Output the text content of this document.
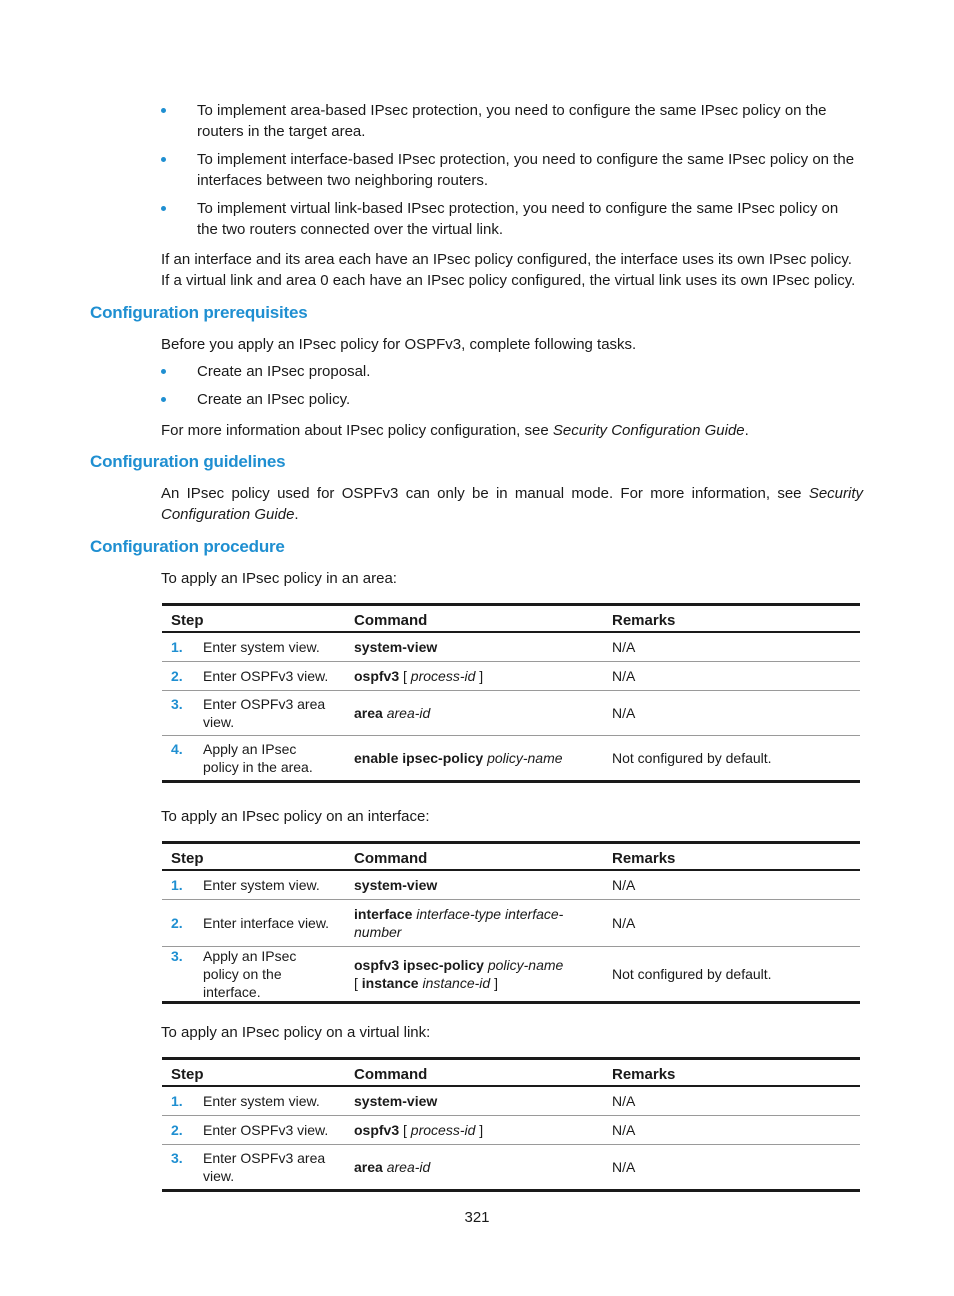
To implement area-based IPsec protection, you need to configure the same IPsec policy on the routers in the target area.
To implement interface-based IPsec protection, you need to configure the same IPsec policy on the interfaces between two neighboring routers.
To implement virtual link-based IPsec protection, you need to configure the same IPsec policy on the two routers connected over the virtual link.
If an interface and its area each have an IPsec policy configured, the interface uses its own IPsec policy. If a virtual link and area 0 each have an IPsec policy configured, the virtual link uses its own IPsec policy.
Configuration prerequisites
Before you apply an IPsec policy for OSPFv3, complete following tasks.
Create an IPsec proposal.
Create an IPsec policy.
For more information about IPsec policy configuration, see Security Configuration Guide.
Configuration guidelines
An IPsec policy used for OSPFv3 can only be in manual mode. For more information, see Security Configuration Guide.
Configuration procedure
To apply an IPsec policy in an area:
Step	Command	Remarks

1. Enter system view.	system-view	N/A

2. Enter OSPFv3 view.	ospfv3 [ process-id ]	N/A

3. Enter OSPFv3 area view.	area area-id	N/A

4. Apply an IPsec policy in the area.	enable ipsec-policy policy-name	Not configured by default.
To apply an IPsec policy on an interface:
Step	Command	Remarks

1. Enter system view.	system-view	N/A

2. Enter interface view.	interface interface-type interface-number	N/A

3. Apply an IPsec policy on the interface.	ospfv3 ipsec-policy policy-name
[ instance instance-id ]	Not configured by default.
To apply an IPsec policy on a virtual link:
Step	Command	Remarks

1. Enter system view.	system-view	N/A

2. Enter OSPFv3 view.	ospfv3 [ process-id ]	N/A

3. Enter OSPFv3 area view.	area area-id	N/A
321
